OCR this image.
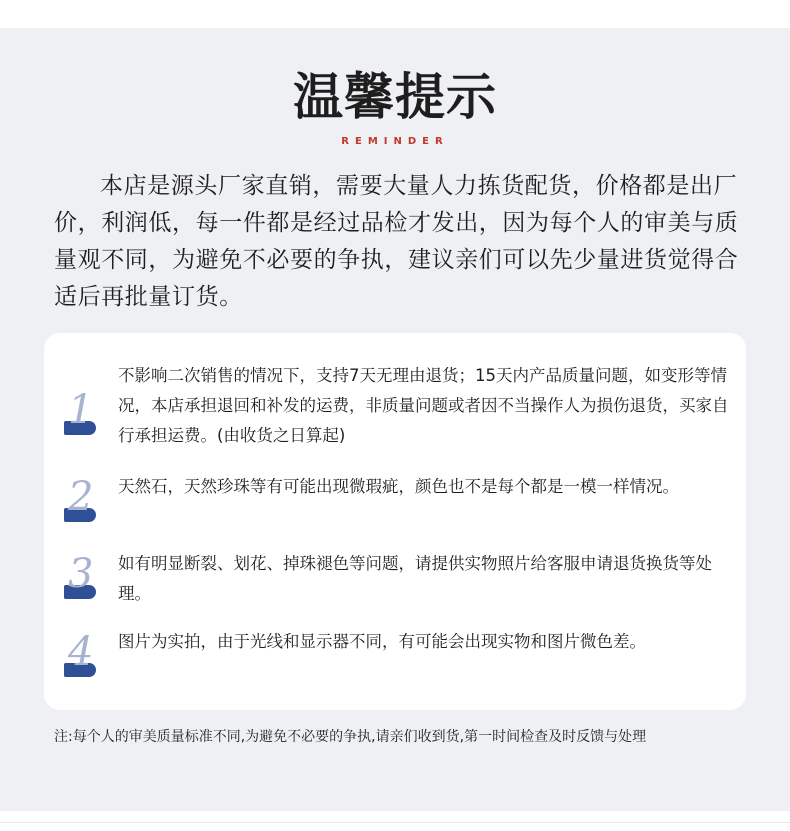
温馨提示
REMINDER
本店是源头厂家直销，需要大量人力拣货配货，价格都是出厂价，利润低，每一件都是经过品检才发出，因为每个人的审美与质量观不同，为避免不必要的争执，建议亲们可以先少量进货觉得合适后再批量订货。
1
不影响二次销售的情况下，支持7天无理由退货；15天内产品质量问题，如变形等情况，本店承担退回和补发的运费，非质量问题或者因不当操作人为损伤退货，买家自行承担运费。(由收货之日算起)
2 天然石，天然珍珠等有可能出现微瑕疵，颜色也不是每个都是一模一样情况。
3 如有明显断裂、划花、掉珠褪色等问题，请提供实物照片给客服申请退货换货等处理。
4 图片为实拍，由于光线和显示器不同，有可能会出现实物和图片微色差。
注:每个人的审美质量标准不同,为避免不必要的争执,请亲们收到货,第一时间检查及时反馈与处理
